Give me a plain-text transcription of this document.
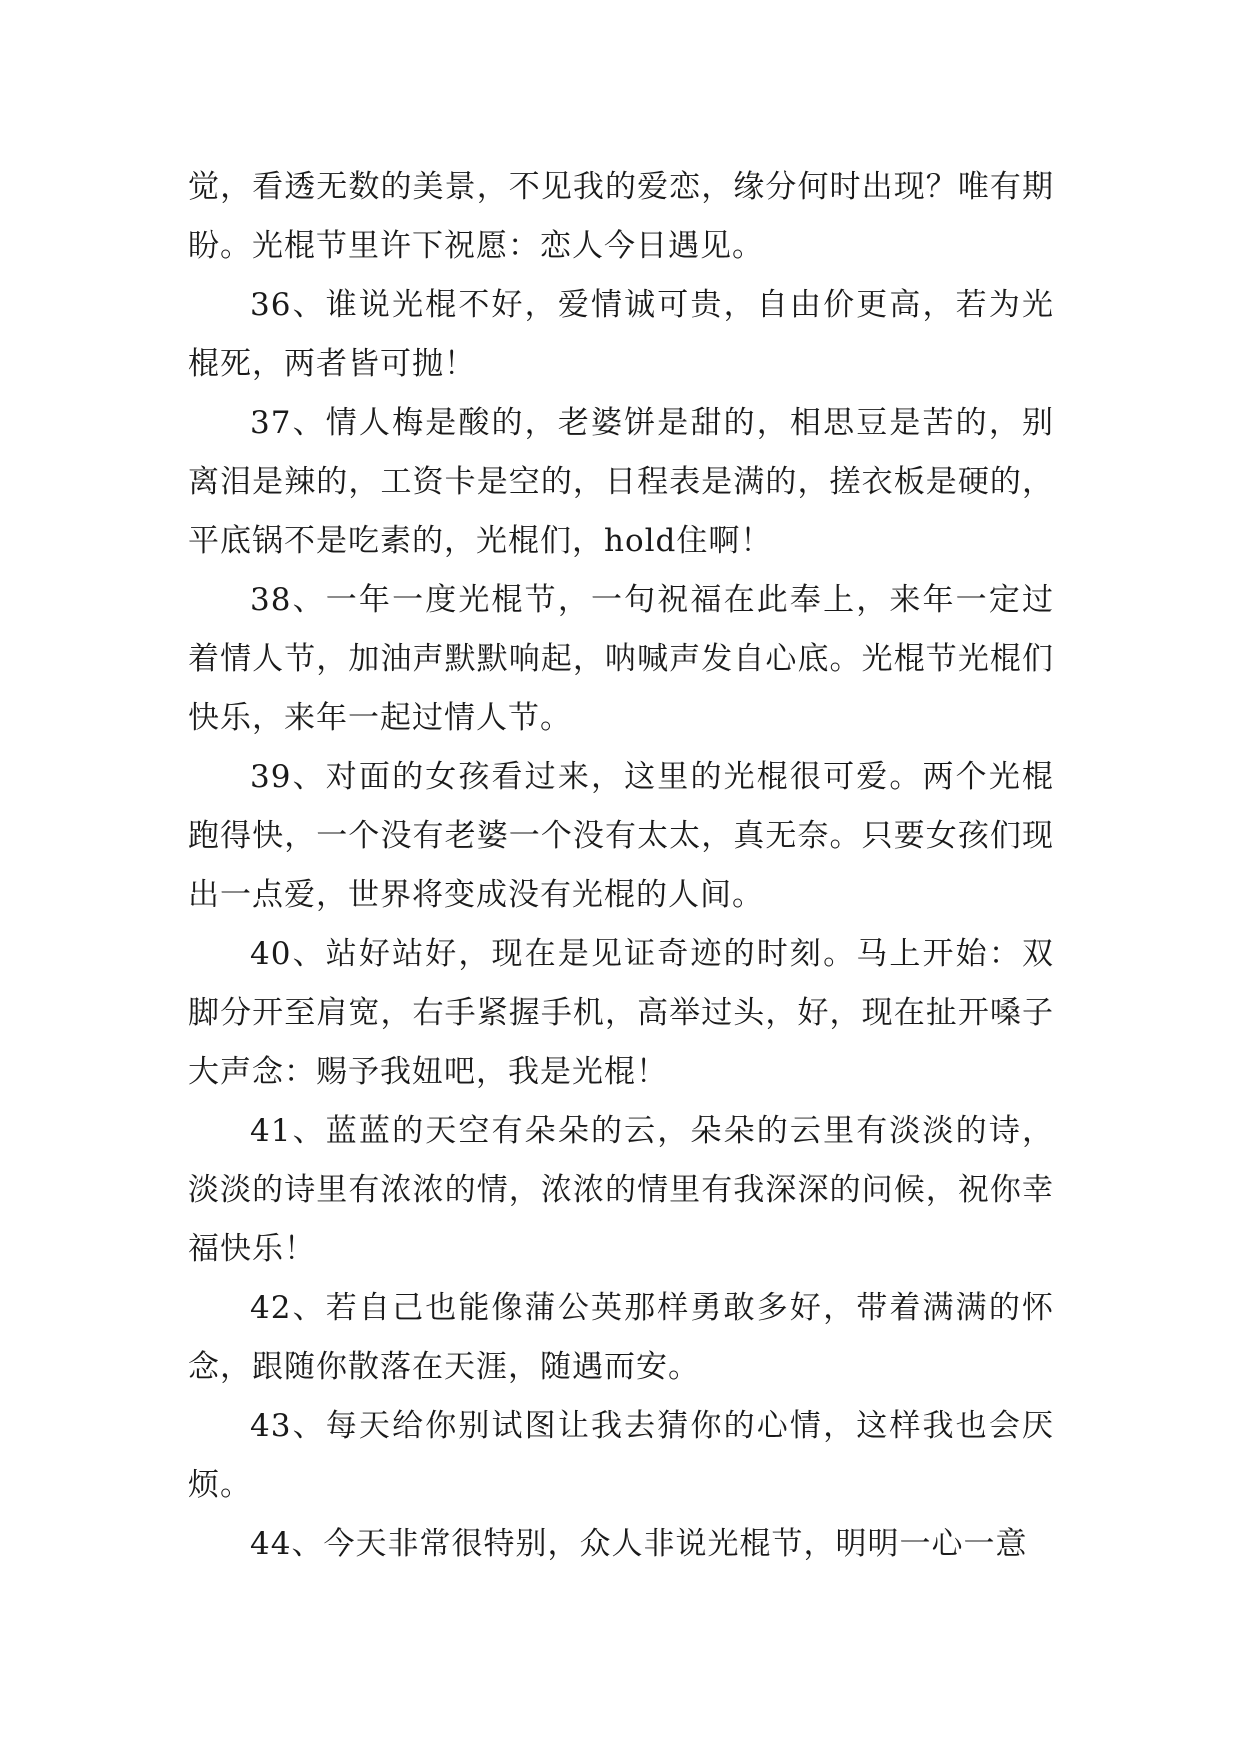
觉，看透无数的美景，不见我的爱恋，缘分何时出现？唯有期盼。光棍节里许下祝愿：恋人今日遇见。

36、谁说光棍不好，爱情诚可贵，自由价更高，若为光棍死，两者皆可抛！

37、情人梅是酸的，老婆饼是甜的，相思豆是苦的，别离泪是辣的，工资卡是空的，日程表是满的，搓衣板是硬的，平底锅不是吃素的，光棍们，hold住啊！

38、一年一度光棍节，一句祝福在此奉上，来年一定过着情人节，加油声默默响起，呐喊声发自心底。光棍节光棍们快乐，来年一起过情人节。

39、对面的女孩看过来，这里的光棍很可爱。两个光棍跑得快，一个没有老婆一个没有太太，真无奈。只要女孩们现出一点爱，世界将变成没有光棍的人间。

40、站好站好，现在是见证奇迹的时刻。马上开始：双脚分开至肩宽，右手紧握手机，高举过头，好，现在扯开嗓子大声念：赐予我妞吧，我是光棍！

41、蓝蓝的天空有朵朵的云，朵朵的云里有淡淡的诗，淡淡的诗里有浓浓的情，浓浓的情里有我深深的问候，祝你幸福快乐！

42、若自己也能像蒲公英那样勇敢多好，带着满满的怀念，跟随你散落在天涯，随遇而安。

43、每天给你别试图让我去猜你的心情，这样我也会厌烦。

44、今天非常很特别，众人非说光棍节，明明一心一意
